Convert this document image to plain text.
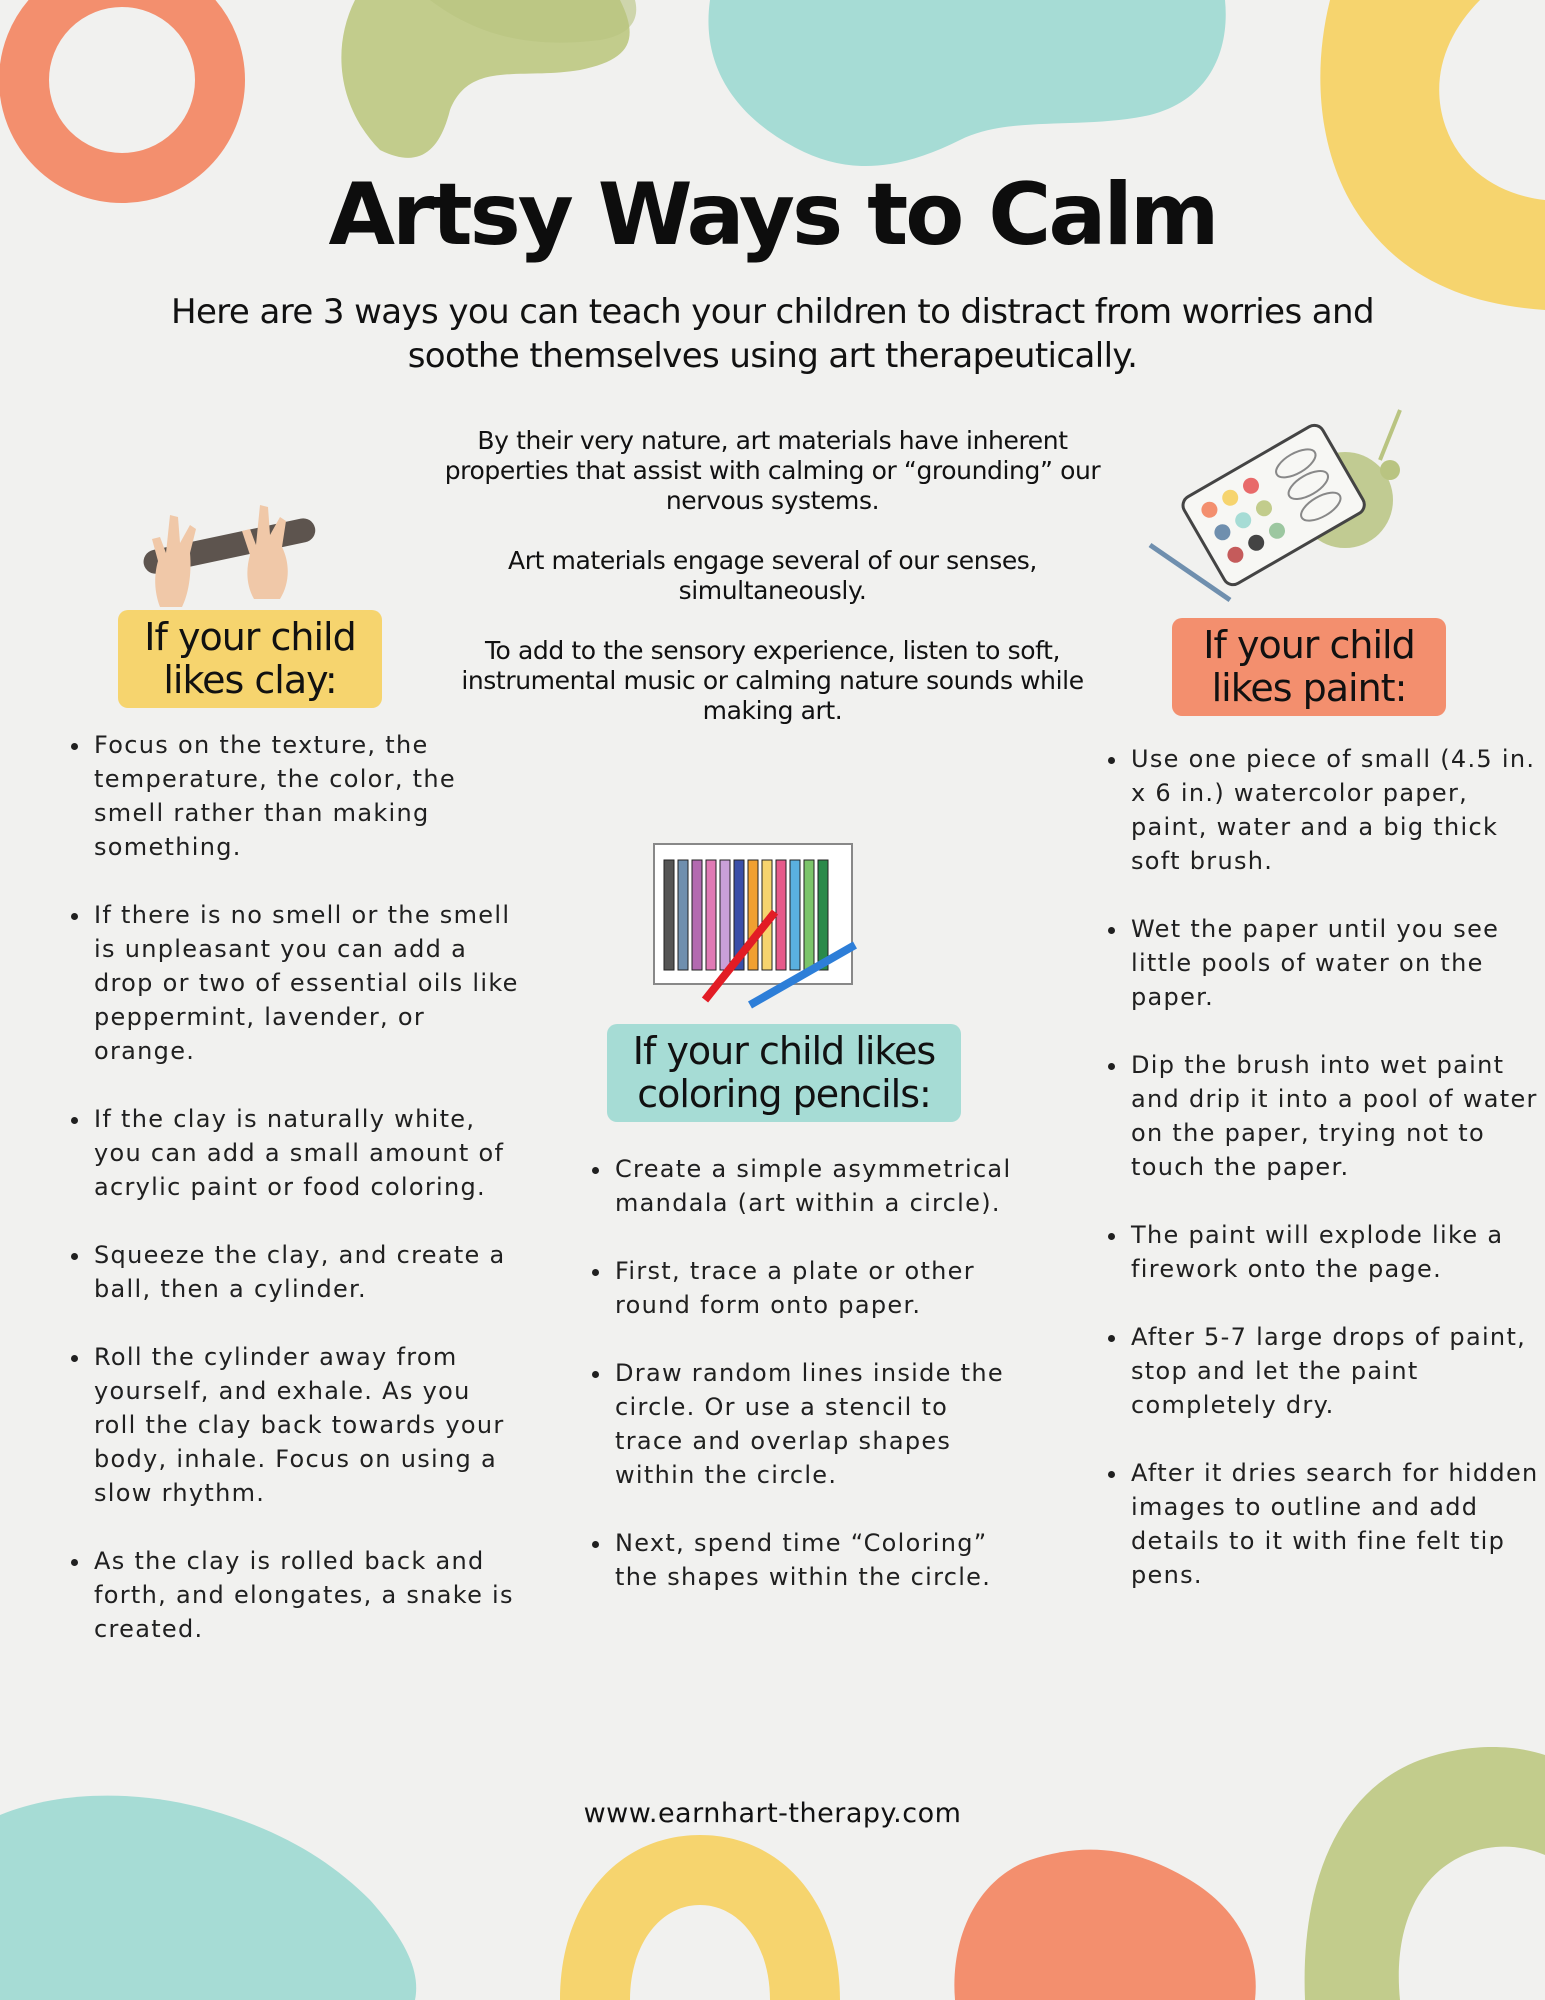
Artsy Ways to Calm
Here are 3 ways you can teach your children to distract from worries and soothe themselves using art therapeutically.

By their very nature, art materials have inherent properties that assist with calming or “grounding” our nervous systems.

Art materials engage several of our senses, simultaneously.

To add to the sensory experience, listen to soft, instrumental music or calming nature sounds while making art.

If your child likes clay:
If your child likes paint:
If your child likes coloring pencils:
• Focus on the texture, the temperature, the color, the smell rather than making something.
• If there is no smell or the smell is unpleasant you can add a drop or two of essential oils like peppermint, lavender, or orange.
• If the clay is naturally white, you can add a small amount of acrylic paint or food coloring.
• Squeeze the clay, and create a ball, then a cylinder.
• Roll the cylinder away from yourself, and exhale. As you roll the clay back towards your body, inhale. Focus on using a slow rhythm.
• As the clay is rolled back and forth, and elongates, a snake is created.
• Create a simple asymmetrical mandala (art within a circle).
• First, trace a plate or other round form onto paper.
• Draw random lines inside the circle. Or use a stencil to trace and overlap shapes within the circle.
• Next, spend time “Coloring” the shapes within the circle.
• Use one piece of small (4.5 in. x 6 in.) watercolor paper, paint, water and a big thick soft brush.
• Wet the paper until you see little pools of water on the paper.
• Dip the brush into wet paint and drip it into a pool of water on the paper, trying not to touch the paper.
• The paint will explode like a firework onto the page.
• After 5-7 large drops of paint, stop and let the paint completely dry.
• After it dries search for hidden images to outline and add details to it with fine felt tip pens.
www.earnhart-therapy.com
